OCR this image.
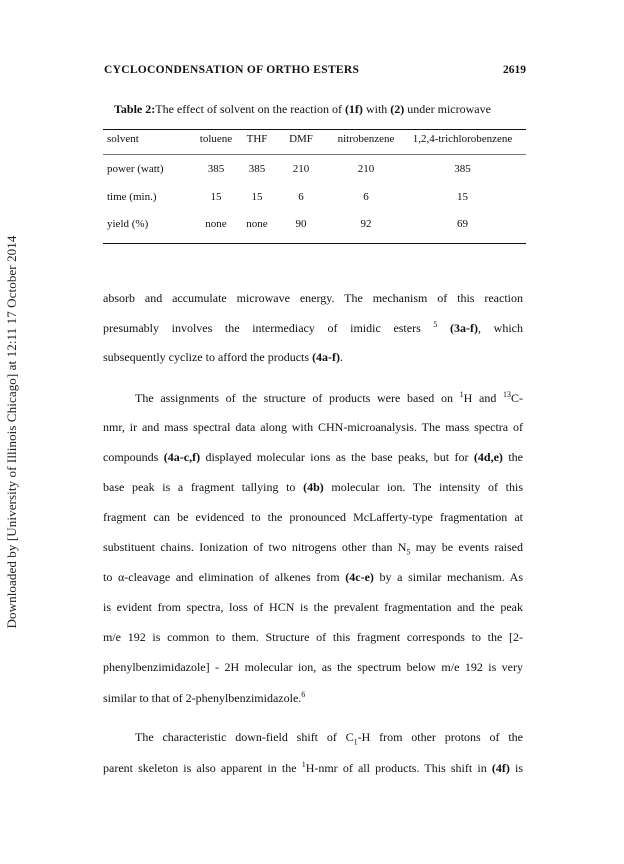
Downloaded by [University of Illinois Chicago] at 12:11 17 October 2014
CYCLOCONDENSATION OF ORTHO ESTERS	2619
Table 2:The effect of solvent on the reaction of (1f) with (2) under microwave
solvent	toluene	THF	DMF	nitrobenzene	1,2,4-trichlorobenzene
power (watt)	385	385	210	210	385
time (min.)	15	15	6	6	15
yield (%)	none	none	90	92	69
absorb and accumulate microwave energy. The mechanism of this reaction
presumably involves the intermediacy of imidic esters $^5$ (3a-f), which
subsequently cyclize to afford the products (4a-f).
The assignments of the structure of products were based on $^1$H and $^{13}$C-
nmr, ir and mass spectral data along with CHN-microanalysis. The mass spectra of
compounds (4a-c,f) displayed molecular ions as the base peaks, but for (4d,e) the
base peak is a fragment tallying to (4b) molecular ion. The intensity of this
fragment can be evidenced to the pronounced McLafferty-type fragmentation at
substituent chains. Ionization of two nitrogens other than $N_5$ may be events raised
to α-cleavage and elimination of alkenes from (4c-e) by a similar mechanism. As
is evident from spectra, loss of HCN is the prevalent fragmentation and the peak
m/e 192 is common to them. Structure of this fragment corresponds to the [2-
phenylbenzimidazole] - 2H molecular ion, as the spectrum below m/e 192 is very
similar to that of 2-phenylbenzimidazole.$^6$
The characteristic down-field shift of $C_1-H$ from other protons of the
parent skeleton is also apparent in the $^1$H-nmr of all products. This shift in (4f) is
